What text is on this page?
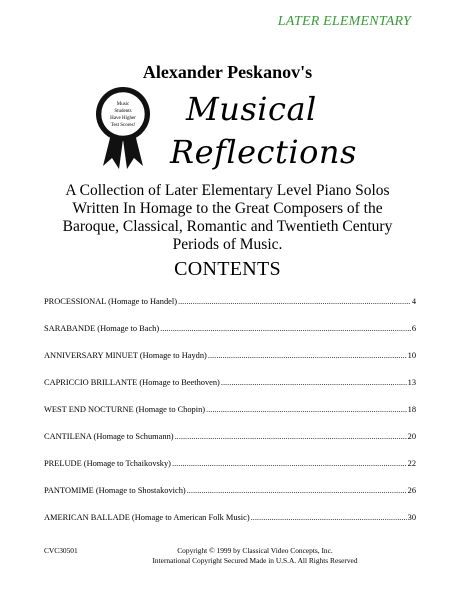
LATER ELEMENTARY
Alexander Peskanov's
Music
Students
Have Higher
Test Scores! Musical
Reflections
A Collection of Later Elementary Level Piano Solos
Written In Homage to the Great Composers of the
Baroque, Classical, Romantic and Twentieth Century
Periods of Music.
CONTENTS
PROCESSIONAL (Homage to Handel) .....	4
SARABANDE (Homage to Bach) .....	6
ANNIVERSARY MINUET (Homage to Haydn) .....	10
CAPRICCIO BRILLANTE (Homage to Beethoven) .....	13
WEST END NOCTURNE (Homage to Chopin) .....	18
CANTILENA (Homage to Schumann) .....	20
PRELUDE (Homage to Tchaikovsky) .....	22
PANTOMIME (Homage to Shostakovich) .....	26
AMERICAN BALLADE (Homage to American Folk Music) .....	30
CVC30501	Copyright © 1999 by Classical Video Concepts, Inc.
International Copyright Secured Made in U.S.A. All Rights Reserved
